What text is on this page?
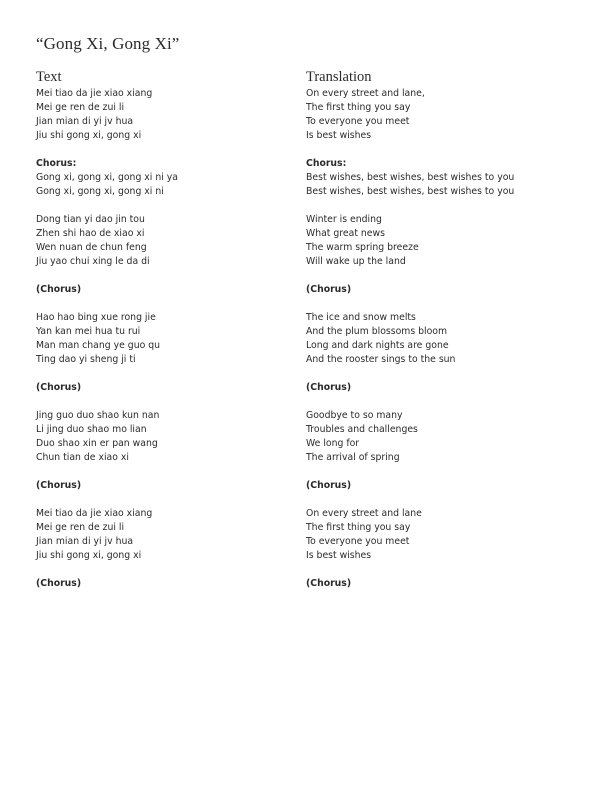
“Gong Xi, Gong Xi”
Text
Mei tiao da jie xiao xiang
Mei ge ren de zui li
Jian mian di yi jv hua
Jiu shi gong xi, gong xi
Chorus:
Gong xi, gong xi, gong xi ni ya
Gong xi, gong xi, gong xi ni
Dong tian yi dao jin tou
Zhen shi hao de xiao xi
Wen nuan de chun feng
Jiu yao chui xing le da di
(Chorus)
Hao hao bing xue rong jie
Yan kan mei hua tu rui
Man man chang ye guo qu
Ting dao yi sheng ji ti
(Chorus)
Jing guo duo shao kun nan
Li jing duo shao mo lian
Duo shao xin er pan wang
Chun tian de xiao xi
(Chorus)
Mei tiao da jie xiao xiang
Mei ge ren de zui li
Jian mian di yi jv hua
Jiu shi gong xi, gong xi
(Chorus)
Translation
On every street and lane,
The first thing you say
To everyone you meet
Is best wishes
Chorus:
Best wishes, best wishes, best wishes to you
Best wishes, best wishes, best wishes to you
Winter is ending
What great news
The warm spring breeze
Will wake up the land
(Chorus)
The ice and snow melts
And the plum blossoms bloom
Long and dark nights are gone
And the rooster sings to the sun
(Chorus)
Goodbye to so many
Troubles and challenges
We long for
The arrival of spring
(Chorus)
On every street and lane
The first thing you say
To everyone you meet
Is best wishes
(Chorus)
